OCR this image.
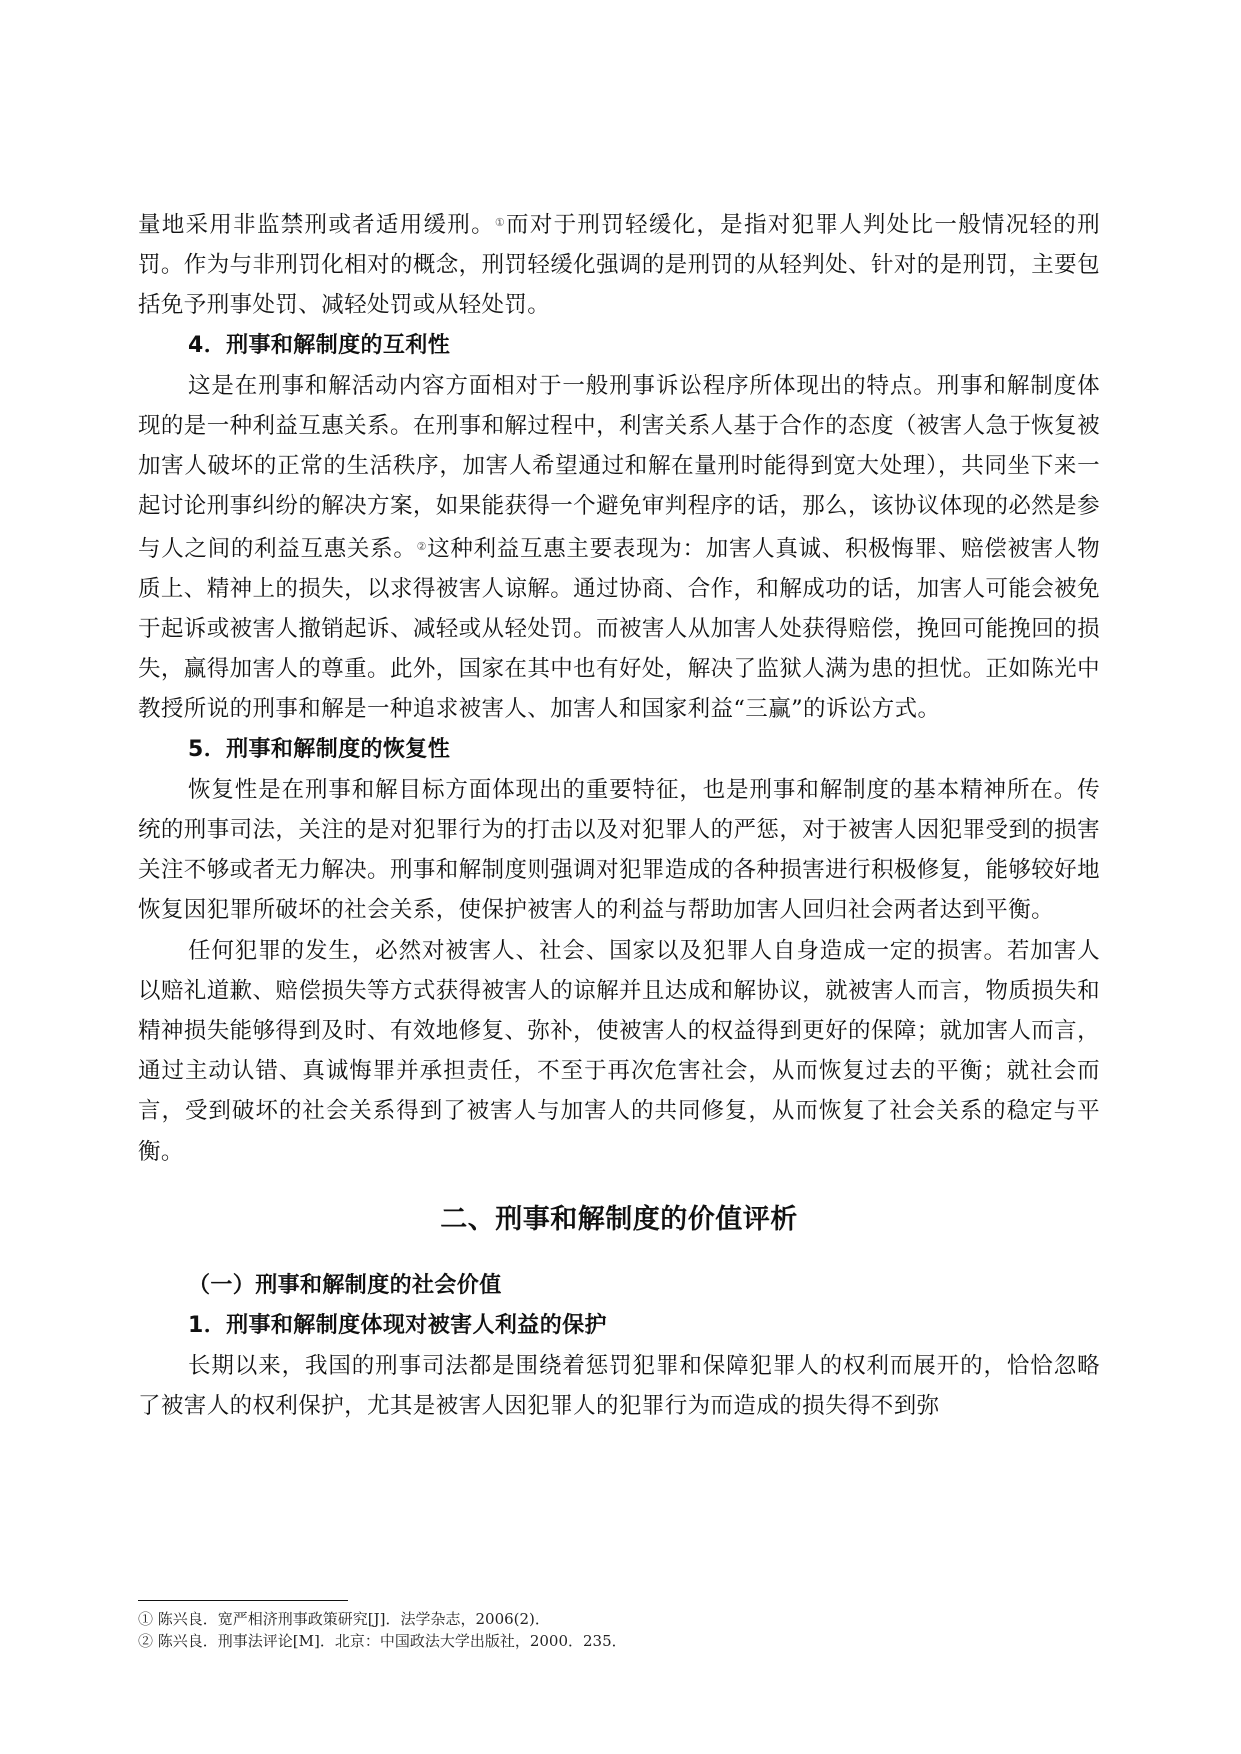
量地采用非监禁刑或者适用缓刑。①而对于刑罚轻缓化，是指对犯罪人判处比一般情况轻的刑罚。作为与非刑罚化相对的概念，刑罚轻缓化强调的是刑罚的从轻判处、针对的是刑罚，主要包括免予刑事处罚、减轻处罚或从轻处罚。

4．刑事和解制度的互利性

这是在刑事和解活动内容方面相对于一般刑事诉讼程序所体现出的特点。刑事和解制度体现的是一种利益互惠关系。在刑事和解过程中，利害关系人基于合作的态度（被害人急于恢复被加害人破坏的正常的生活秩序，加害人希望通过和解在量刑时能得到宽大处理），共同坐下来一起讨论刑事纠纷的解决方案，如果能获得一个避免审判程序的话，那么，该协议体现的必然是参与人之间的利益互惠关系。②这种利益互惠主要表现为：加害人真诚、积极悔罪、赔偿被害人物质上、精神上的损失，以求得被害人谅解。通过协商、合作，和解成功的话，加害人可能会被免于起诉或被害人撤销起诉、减轻或从轻处罚。而被害人从加害人处获得赔偿，挽回可能挽回的损失，赢得加害人的尊重。此外，国家在其中也有好处，解决了监狱人满为患的担忧。正如陈光中教授所说的刑事和解是一种追求被害人、加害人和国家利益“三赢”的诉讼方式。

5．刑事和解制度的恢复性

恢复性是在刑事和解目标方面体现出的重要特征，也是刑事和解制度的基本精神所在。传统的刑事司法，关注的是对犯罪行为的打击以及对犯罪人的严惩，对于被害人因犯罪受到的损害关注不够或者无力解决。刑事和解制度则强调对犯罪造成的各种损害进行积极修复，能够较好地恢复因犯罪所破坏的社会关系，使保护被害人的利益与帮助加害人回归社会两者达到平衡。

任何犯罪的发生，必然对被害人、社会、国家以及犯罪人自身造成一定的损害。若加害人以赔礼道歉、赔偿损失等方式获得被害人的谅解并且达成和解协议，就被害人而言，物质损失和精神损失能够得到及时、有效地修复、弥补，使被害人的权益得到更好的保障；就加害人而言，通过主动认错、真诚悔罪并承担责任，不至于再次危害社会，从而恢复过去的平衡；就社会而言，受到破坏的社会关系得到了被害人与加害人的共同修复，从而恢复了社会关系的稳定与平衡。

二、刑事和解制度的价值评析

（一）刑事和解制度的社会价值

1．刑事和解制度体现对被害人利益的保护

长期以来，我国的刑事司法都是围绕着惩罚犯罪和保障犯罪人的权利而展开的，恰恰忽略了被害人的权利保护，尤其是被害人因犯罪人的犯罪行为而造成的损失得不到弥

① 陈兴良．宽严相济刑事政策研究[J]．法学杂志，2006(2)．
② 陈兴良．刑事法评论[M]．北京：中国政法大学出版社，2000．235．
